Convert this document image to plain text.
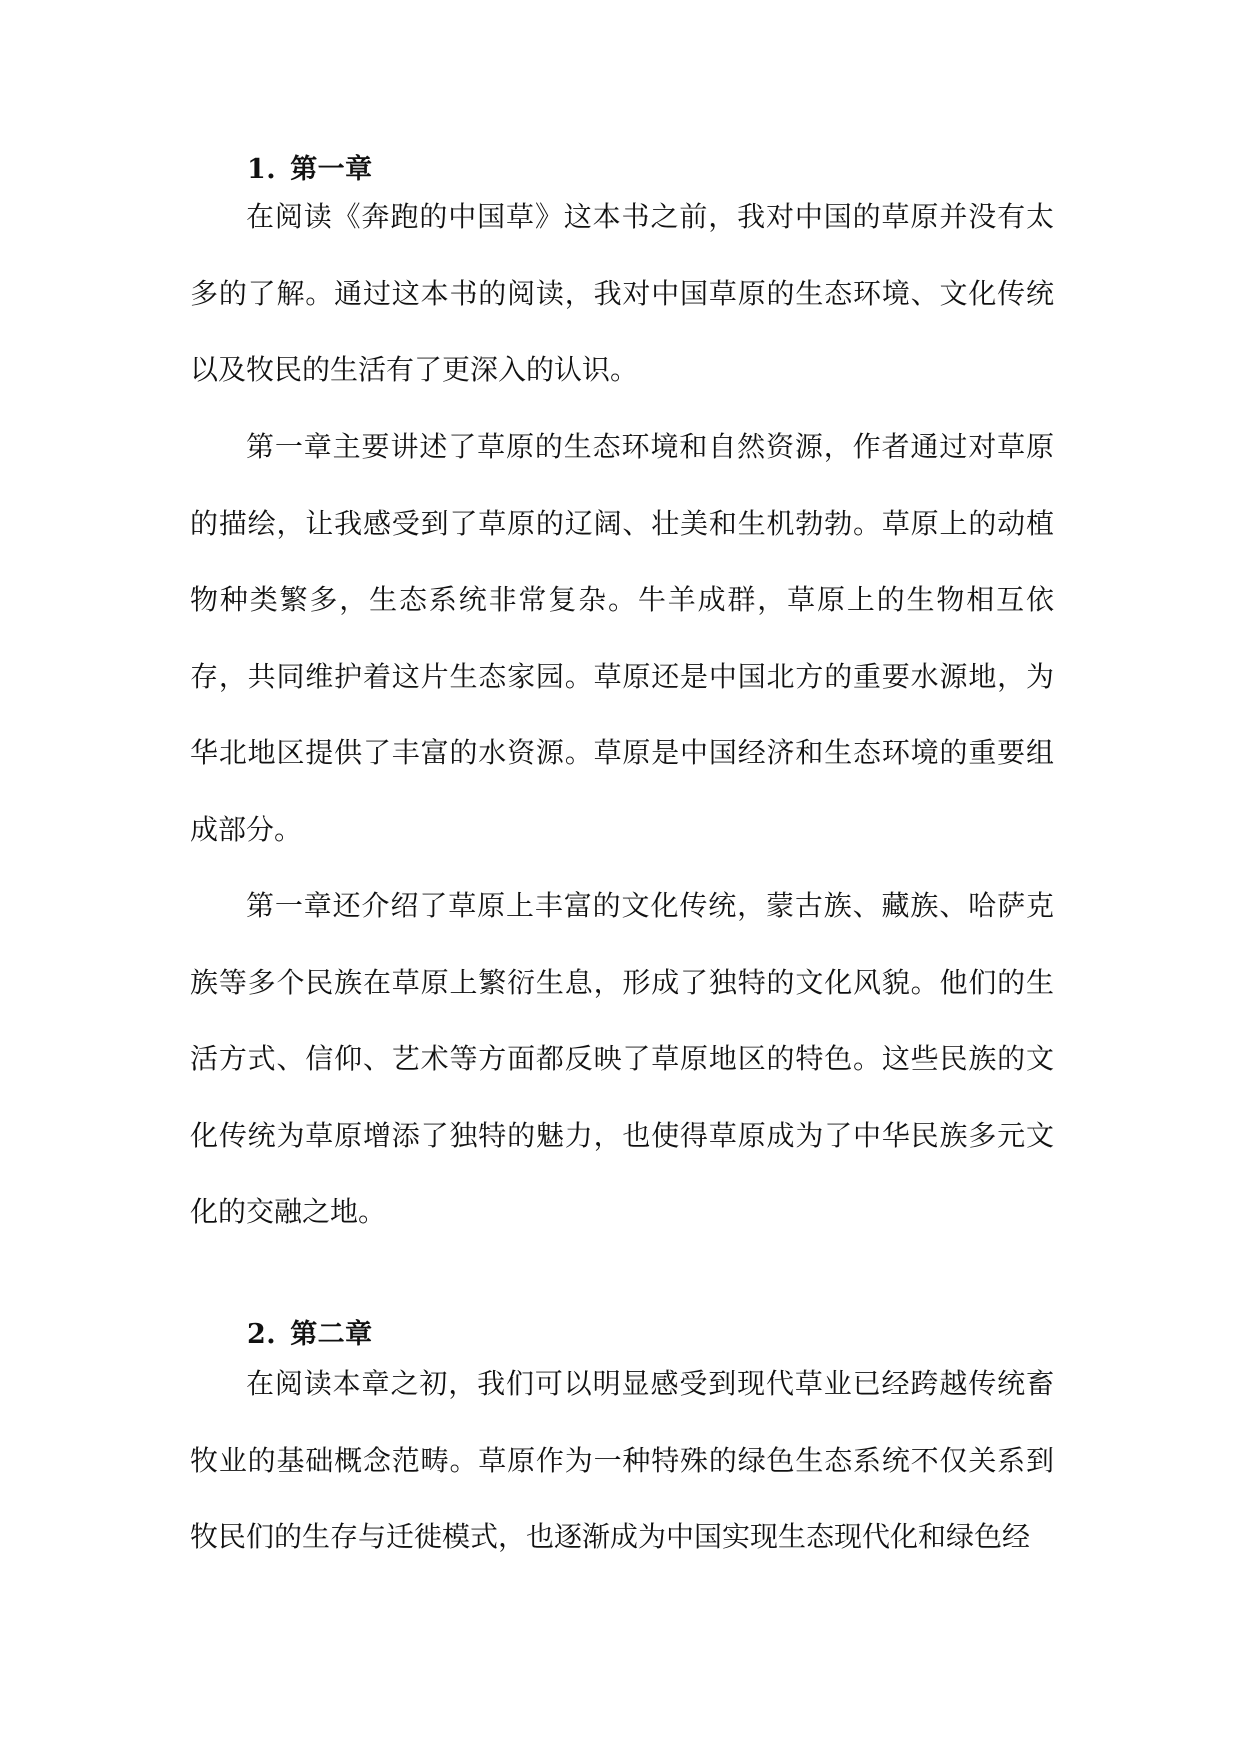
1. 第一章

在阅读《奔跑的中国草》这本书之前，我对中国的草原并没有太多的了解。通过这本书的阅读，我对中国草原的生态环境、文化传统以及牧民的生活有了更深入的认识。

第一章主要讲述了草原的生态环境和自然资源，作者通过对草原的描绘，让我感受到了草原的辽阔、壮美和生机勃勃。草原上的动植物种类繁多，生态系统非常复杂。牛羊成群，草原上的生物相互依存，共同维护着这片生态家园。草原还是中国北方的重要水源地，为华北地区提供了丰富的水资源。草原是中国经济和生态环境的重要组成部分。

第一章还介绍了草原上丰富的文化传统，蒙古族、藏族、哈萨克族等多个民族在草原上繁衍生息，形成了独特的文化风貌。他们的生活方式、信仰、艺术等方面都反映了草原地区的特色。这些民族的文化传统为草原增添了独特的魅力，也使得草原成为了中华民族多元文化的交融之地。

2. 第二章

在阅读本章之初，我们可以明显感受到现代草业已经跨越传统畜牧业的基础概念范畴。草原作为一种特殊的绿色生态系统不仅关系到牧民们的生存与迁徙模式，也逐渐成为中国实现生态现代化和绿色经
